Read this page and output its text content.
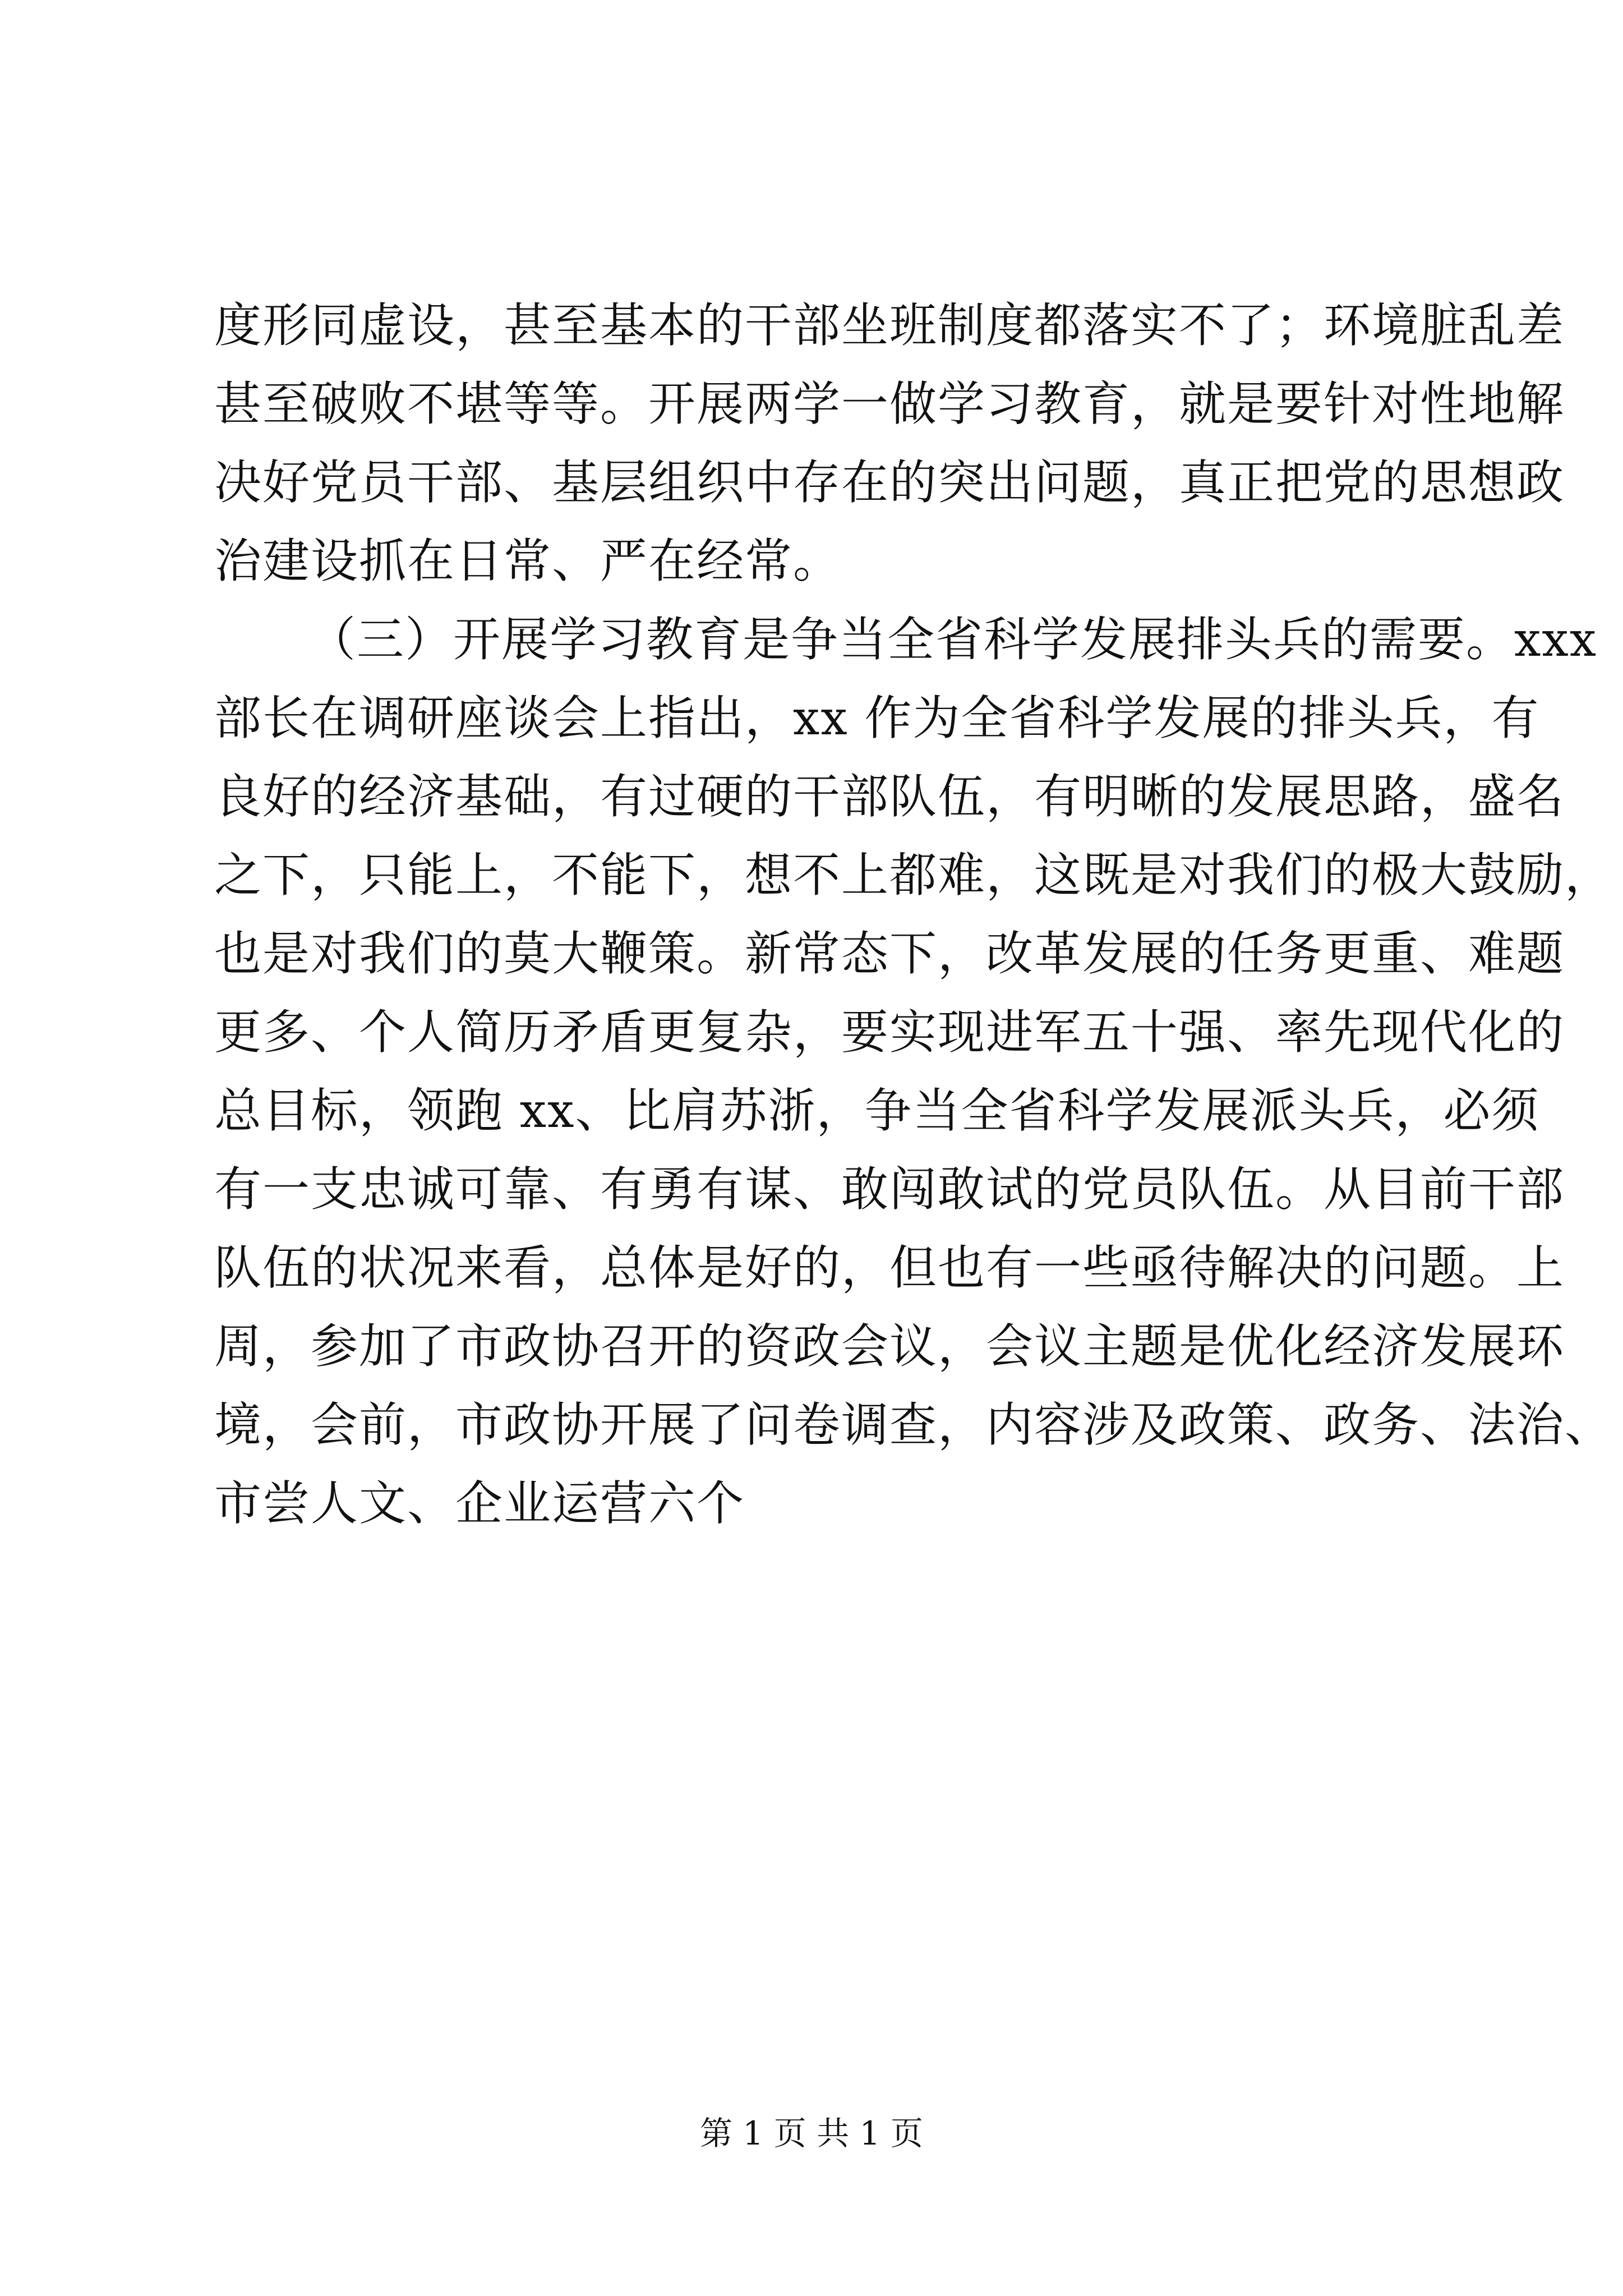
度形同虚设，甚至基本的干部坐班制度都落实不了；环境脏乱差
甚至破败不堪等等。开展两学一做学习教育，就是要针对性地解
决好党员干部、基层组织中存在的突出问题，真正把党的思想政
治建设抓在日常、严在经常。
（三）开展学习教育是争当全省科学发展排头兵的需要。xxx
部长在调研座谈会上指出，xx 作为全省科学发展的排头兵，有
良好的经济基础，有过硬的干部队伍，有明晰的发展思路，盛名
之下，只能上，不能下，想不上都难，这既是对我们的极大鼓励，
也是对我们的莫大鞭策。新常态下，改革发展的任务更重、难题
更多、个人简历矛盾更复杂，要实现进军五十强、率先现代化的
总目标，领跑 xx、比肩苏浙，争当全省科学发展派头兵，必须
有一支忠诚可靠、有勇有谋、敢闯敢试的党员队伍。从目前干部
队伍的状况来看，总体是好的，但也有一些亟待解决的问题。上
周，参加了市政协召开的资政会议，会议主题是优化经济发展环
境，会前，市政协开展了问卷调查，内容涉及政策、政务、法治、
市尝人文、企业运营六个
第 1 页 共 1 页
